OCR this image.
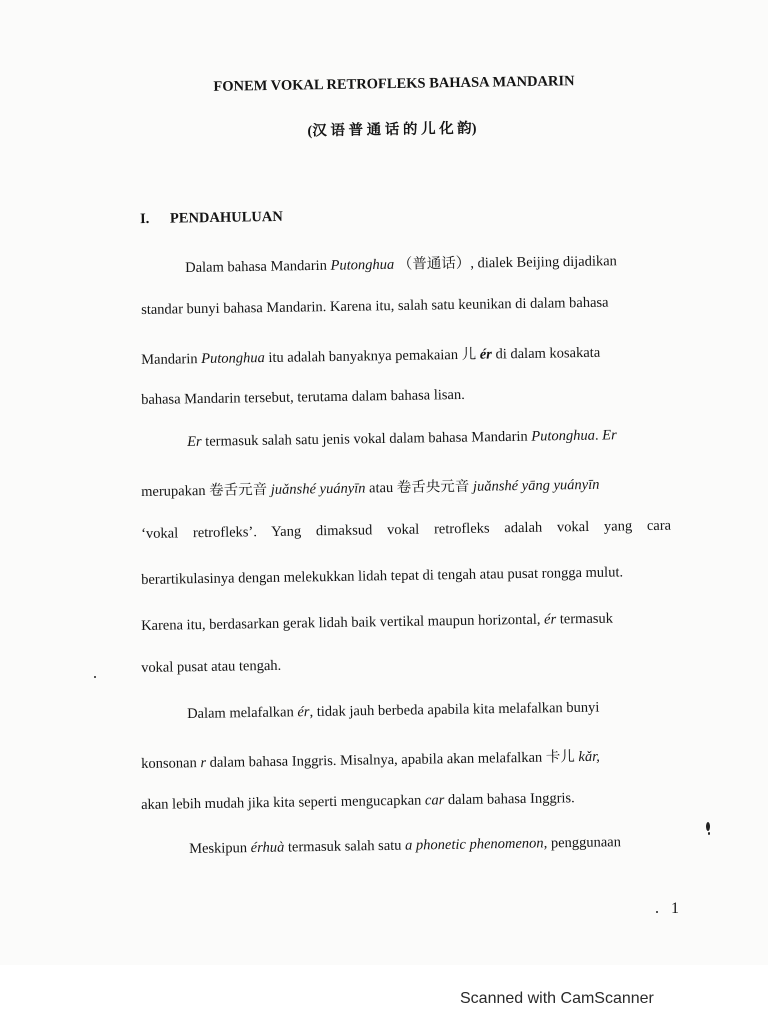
FONEM VOKAL RETROFLEKS BAHASA MANDARIN
(汉 语 普 通 话 的 儿 化 韵)
I. PENDAHULUAN
Dalam bahasa Mandarin Putonghua （普通话）, dialek Beijing dijadikan
standar bunyi bahasa Mandarin. Karena itu, salah satu keunikan di dalam bahasa
Mandarin Putonghua itu adalah banyaknya pemakaian 儿 ér di dalam kosakata
bahasa Mandarin tersebut, terutama dalam bahasa lisan.
Er termasuk salah satu jenis vokal dalam bahasa Mandarin Putonghua. Er
merupakan 卷舌元音 juǎnshé yuányīn atau 卷舌央元音 juǎnshé yāng yuányīn
‘vokal retrofleks’. Yang dimaksud vokal retrofleks adalah vokal yang cara
berartikulasinya dengan melekukkan lidah tepat di tengah atau pusat rongga mulut.
Karena itu, berdasarkan gerak lidah baik vertikal maupun horizontal, ér termasuk
vokal pusat atau tengah.
Dalam melafalkan ér, tidak jauh berbeda apabila kita melafalkan bunyi
konsonan r dalam bahasa Inggris. Misalnya, apabila akan melafalkan 卡儿 kǎr,
akan lebih mudah jika kita seperti mengucapkan car dalam bahasa Inggris.
Meskipun érhuà termasuk salah satu a phonetic phenomenon, penggunaan
1
Scanned with CamScanner
